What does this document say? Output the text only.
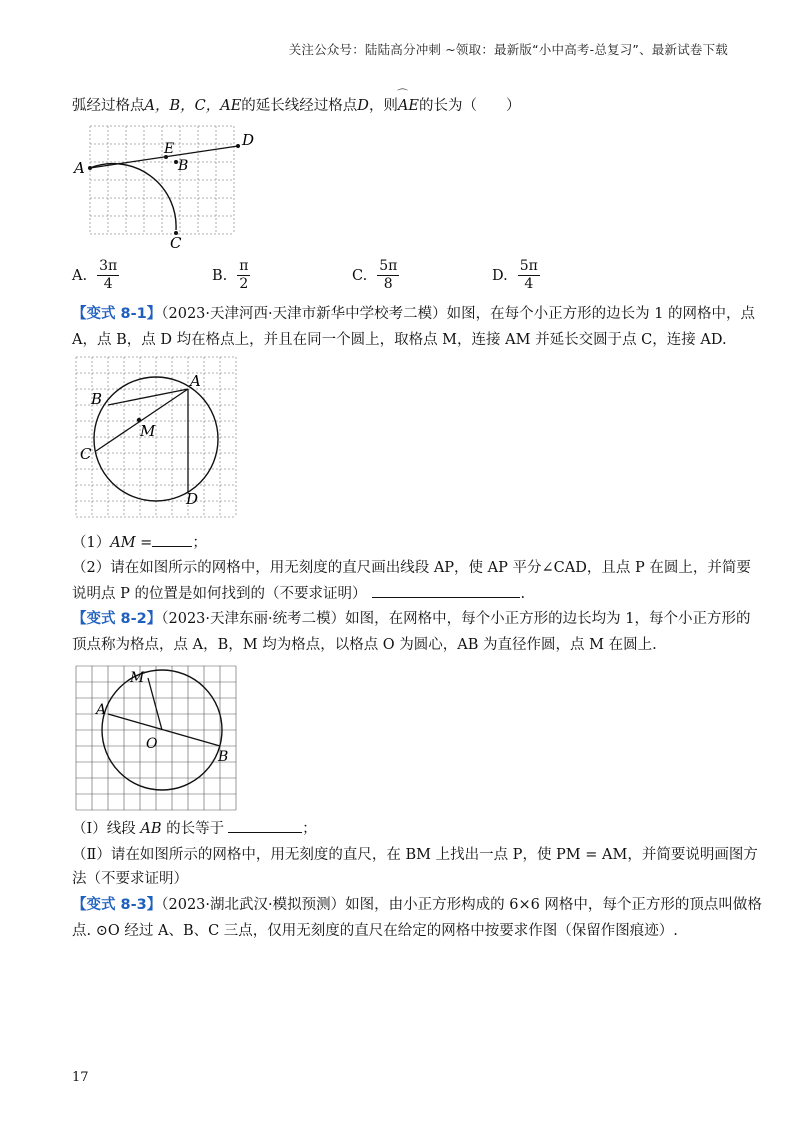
关注公众号：陆陆高分冲刺 ~领取：最新版“小中高考-总复习”、最新试卷下载
弧经过格点A，B，C，AE的延长线经过格点D，则⌒ AE的长为（　　）
A
D
E
B
C
A. $\frac{3\pi}{4}$	B. $\frac{\pi}{2}$	C. $\frac{5\pi}{8}$	D. $\frac{5\pi}{4}$
【变式 8-1】（2023·天津河西·天津市新华中学校考二模）如图，在每个小正方形的边长为 1 的网格中，点
A，点 B，点 D 均在格点上，并且在同一个圆上，取格点 M，连接 AM 并延长交圆于点 C，连接 AD.
A
B
M
C
D
（1）AM =	；
（2）请在如图所示的网格中，用无刻度的直尺画出线段 AP，使 AP 平分∠CAD，且点 P 在圆上，并简要
说明点 P 的位置是如何找到的（不要求证明）	.
【变式 8-2】（2023·天津东丽·统考二模）如图，在网格中，每个小正方形的边长均为 1，每个小正方形的
顶点称为格点，点 A，B，M 均为格点，以格点 O 为圆心，AB 为直径作圆，点 M 在圆上.
M
A
O
B
（Ⅰ）线段 AB 的长等于	；
（Ⅱ）请在如图所示的网格中，用无刻度的直尺，在 BM 上找出一点 P，使 PM = AM，并简要说明画图方
法（不要求证明）
【变式 8-3】（2023·湖北武汉·模拟预测）如图，由小正方形构成的 6×6 网格中，每个正方形的顶点叫做格
点. ⊙O 经过 A、B、C 三点，仅用无刻度的直尺在给定的网格中按要求作图（保留作图痕迹）.
17
